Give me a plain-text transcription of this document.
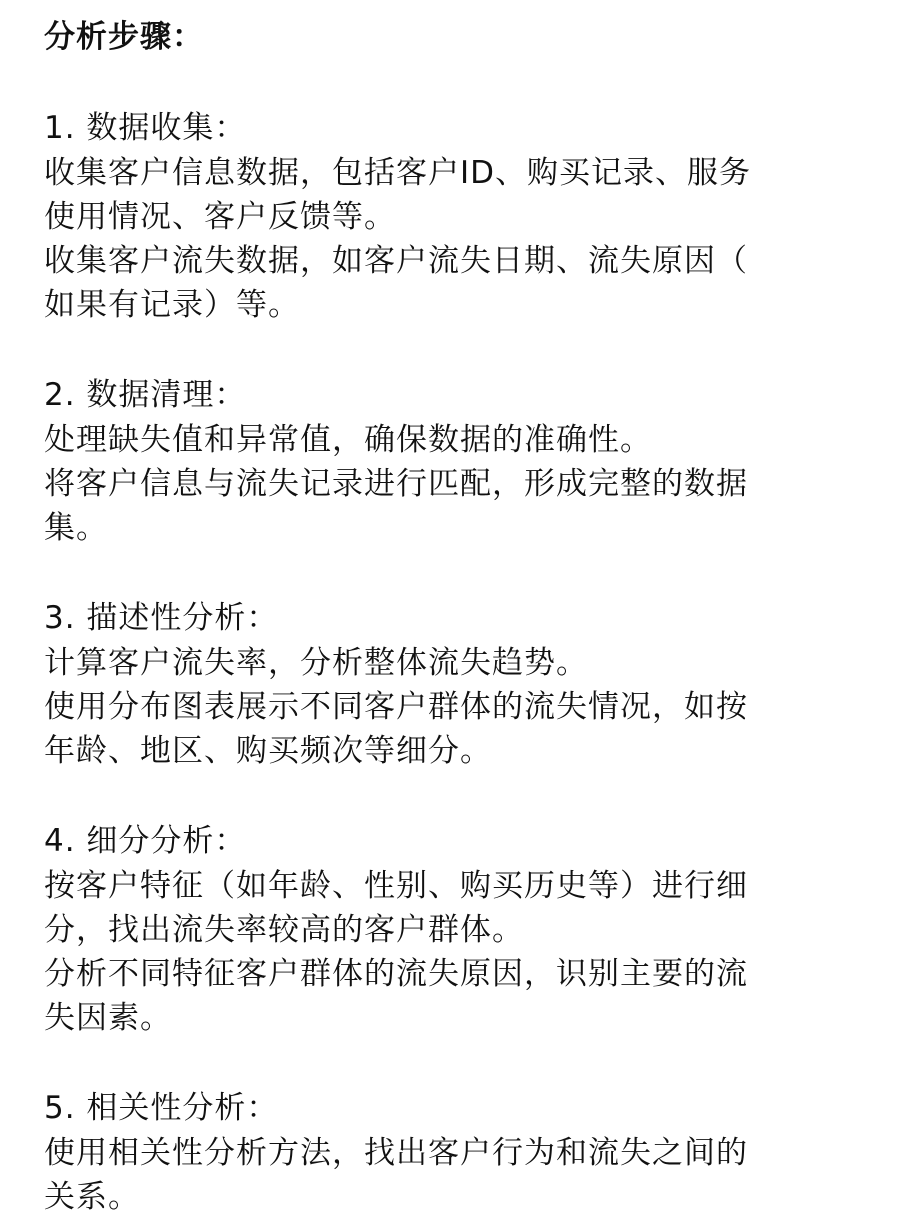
分析步骤：

1. 数据收集：

收集客户信息数据，包括客户ID、购买记录、服务

使用情况、客户反馈等。

收集客户流失数据，如客户流失日期、流失原因（

如果有记录）等。

2. 数据清理：

处理缺失值和异常值，确保数据的准确性。

将客户信息与流失记录进行匹配，形成完整的数据

集。

3. 描述性分析：

计算客户流失率，分析整体流失趋势。

使用分布图表展示不同客户群体的流失情况，如按

年龄、地区、购买频次等细分。

4. 细分分析：

按客户特征（如年龄、性别、购买历史等）进行细

分，找出流失率较高的客户群体。

分析不同特征客户群体的流失原因，识别主要的流

失因素。

5. 相关性分析：

使用相关性分析方法，找出客户行为和流失之间的

关系。
